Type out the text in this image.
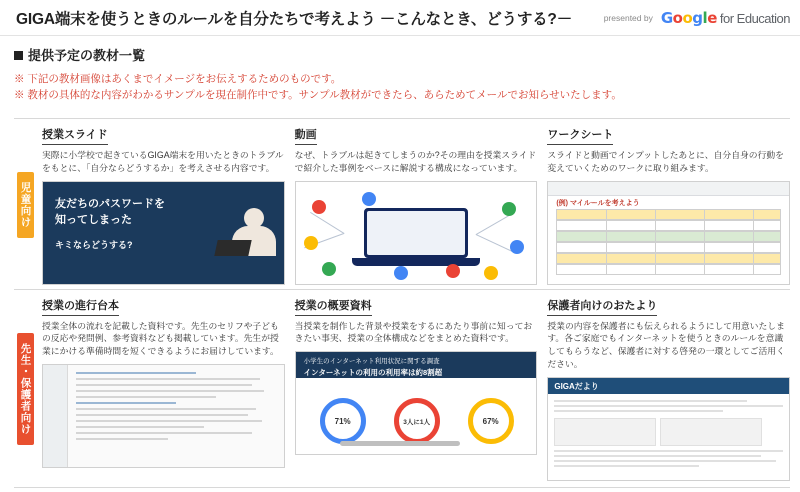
GIGA端末を使うときのルールを自分たちで考えよう －こんなとき、どうする?－	presented by Google for Education
提供予定の教材一覧
※ 下記の教材画像はあくまでイメージをお伝えするためのものです。
※ 教材の具体的な内容がわかるサンプルを現在制作中です。サンプル教材ができたら、あらためてメールでお知らせいたします。
児童向け
授業スライド
実際に小学校で起きているGIGA端末を用いたときのトラブルをもとに、「自分ならどうするか」を考えさせる内容です。
友だちのパスワードを
知ってしまった
キミならどうする?
動画
なぜ、トラブルは起きてしまうのか?その理由を授業スライドで紹介した事例をベースに解説する構成になっています。
ワークシート
スライドと動画でインプットしたあとに、自分自身の行動を変えていくためのワークに取り組みます。
(例) マイルールを考えよう
先生・保護者向け
授業の進行台本
授業全体の流れを記載した資料です。先生のセリフや子どもの反応や発問例、参考資料なども掲載しています。先生が授業にかける準備時間を短くできるようにお届けしています。
授業の概要資料
当授業を制作した背景や授業をするにあたり事前に知っておきたい事実、授業の全体構成などをまとめた資料です。
小学生のインターネット利用状況に関する調査
インターネットの利用の利用率は約8割超
71%	3人に1人	67%
保護者向けのおたより
授業の内容を保護者にも伝えられるようにして用意いたします。各ご家庭でもインターネットを使うときのルールを意識してもらうなど、保護者に対する啓発の一環としてご活用ください。
GIGAだより
